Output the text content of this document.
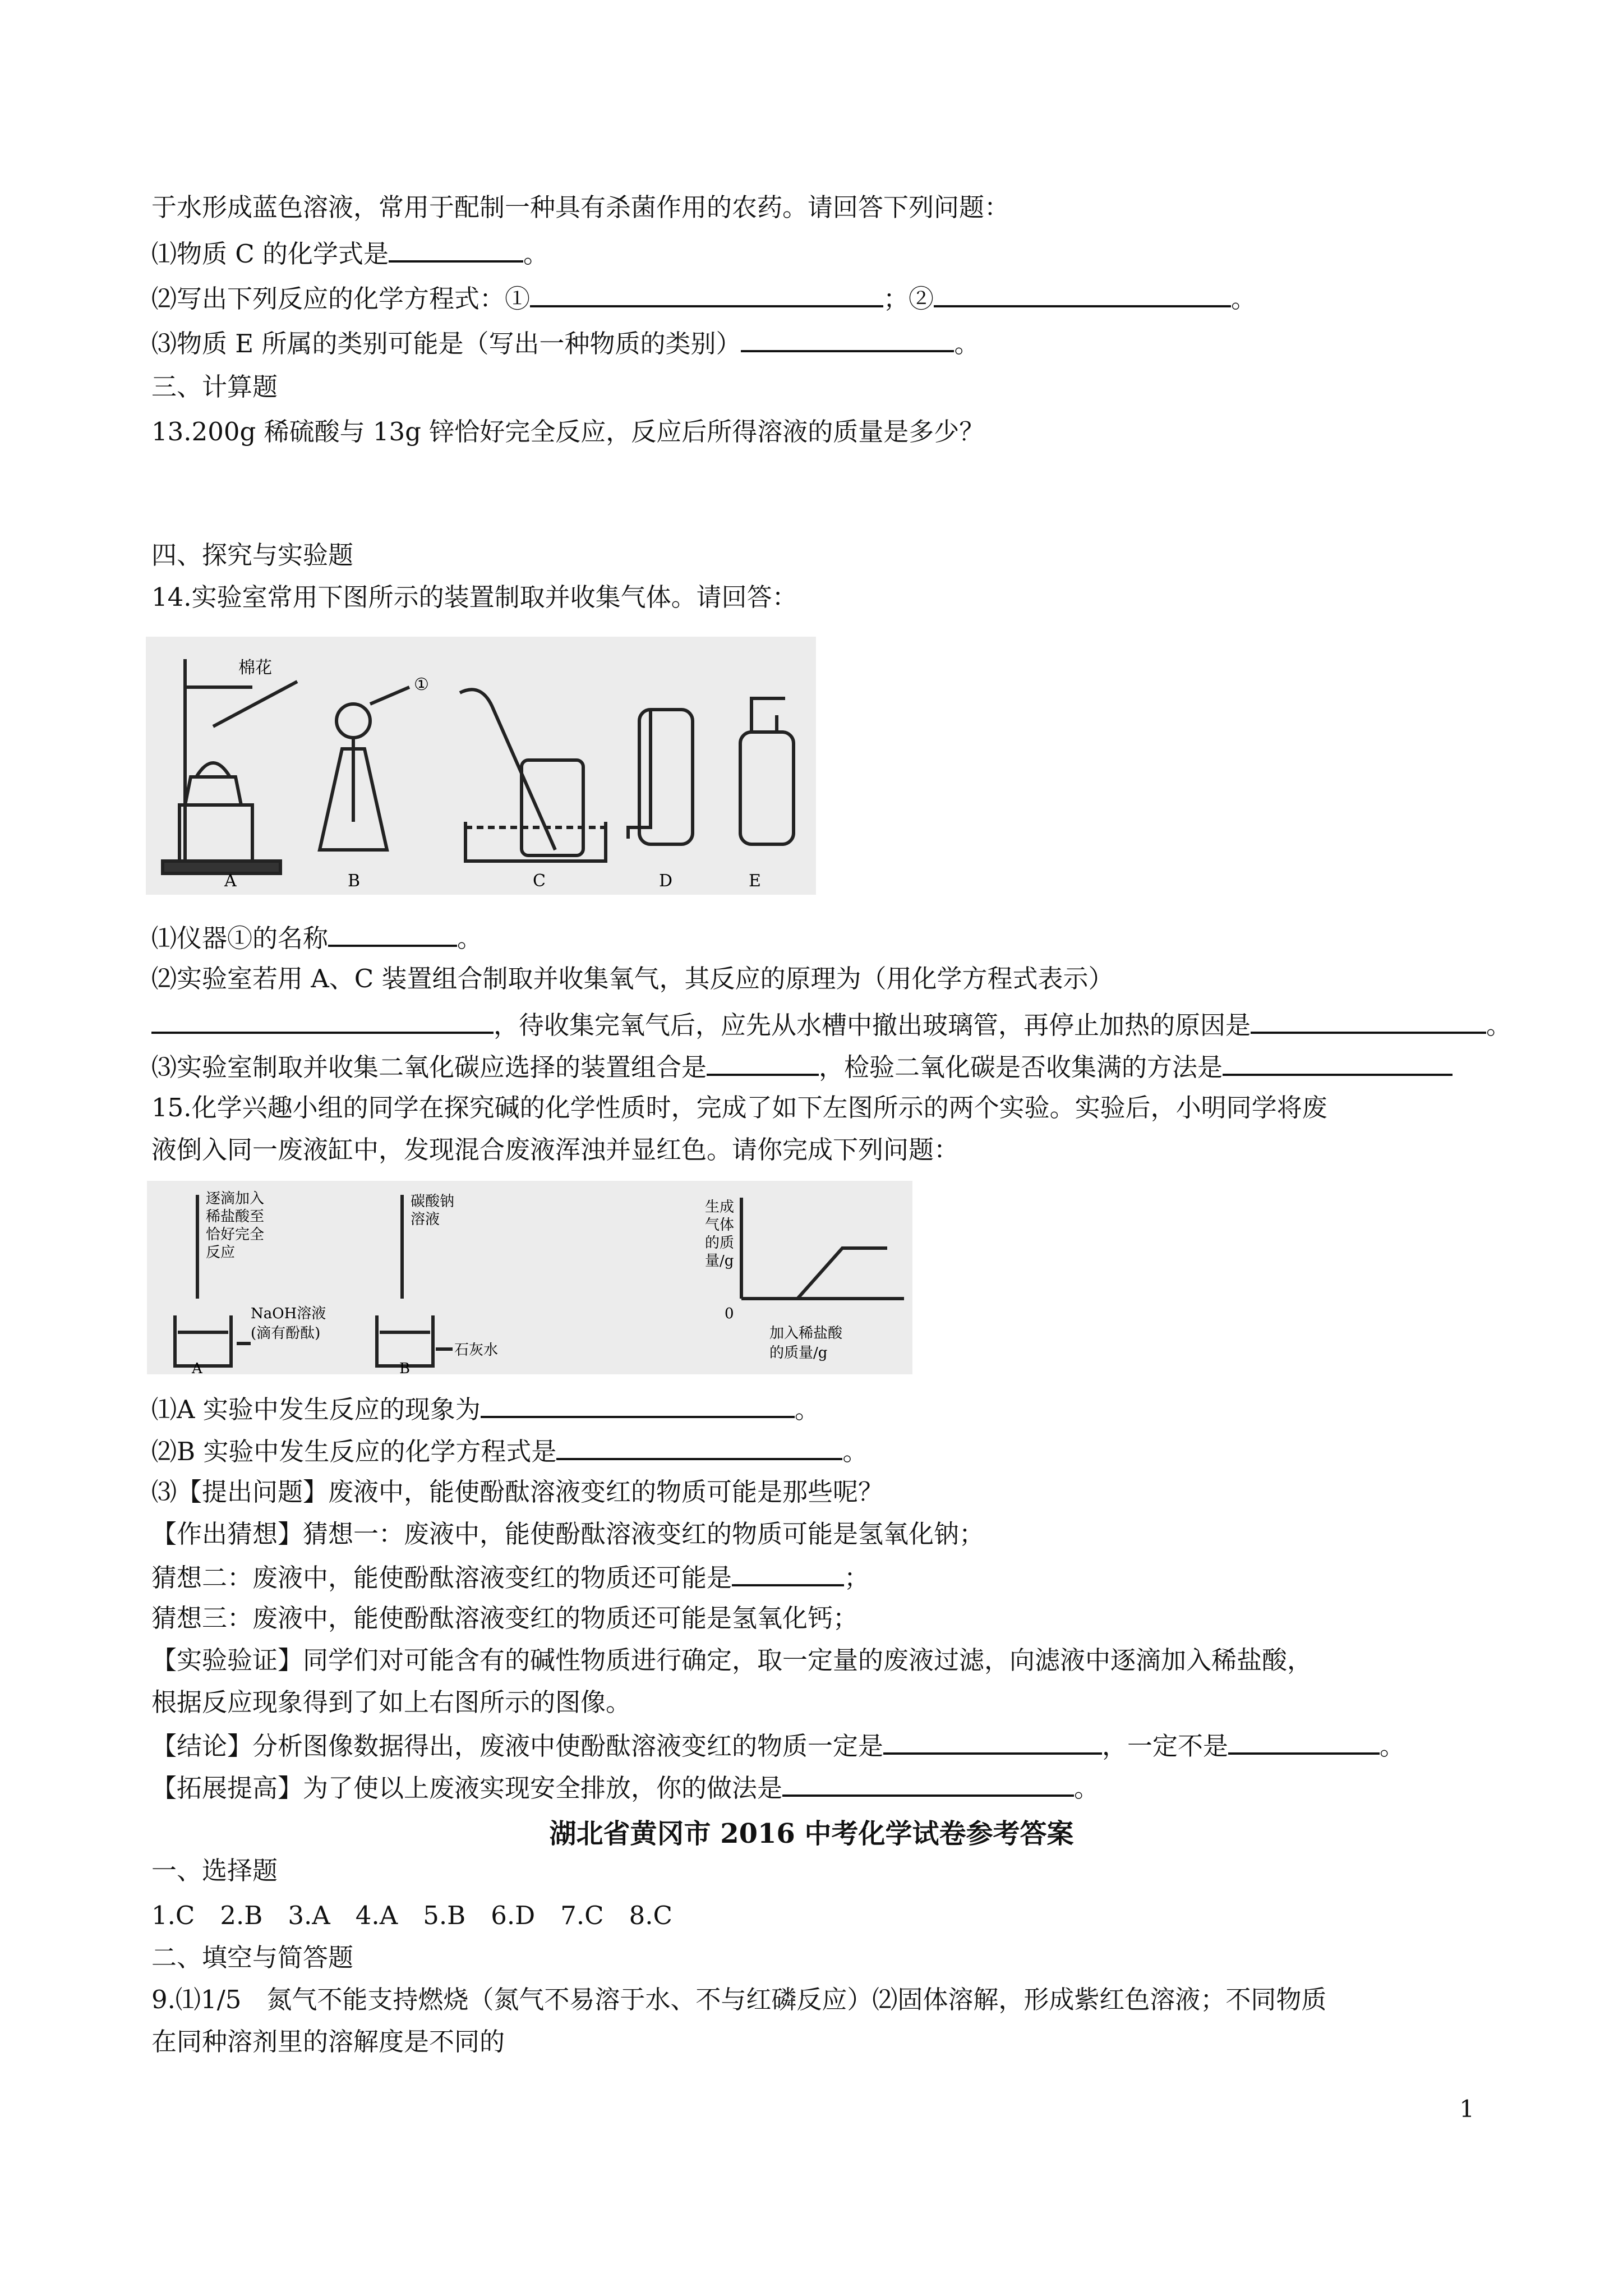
于水形成蓝色溶液，常用于配制一种具有杀菌作用的农药。请回答下列问题：
⑴物质 C 的化学式是	。
⑵写出下列反应的化学方程式：①	；②	。
⑶物质 E 所属的类别可能是（写出一种物质的类别）	。
三、计算题
13.200g 稀硫酸与 13g 锌恰好完全反应，反应后所得溶液的质量是多少？
四、探究与实验题
14.实验室常用下图所示的装置制取并收集气体。请回答：
棉花
①
A	B	C	D	E
⑴仪器①的名称	。
⑵实验室若用 A、C 装置组合制取并收集氧气，其反应的原理为（用化学方程式表示）
，待收集完氧气后，应先从水槽中撤出玻璃管，再停止加热的原因是	。
⑶实验室制取并收集二氧化碳应选择的装置组合是	，检验二氧化碳是否收集满的方法是
15.化学兴趣小组的同学在探究碱的化学性质时，完成了如下左图所示的两个实验。实验后，小明同学将废
液倒入同一废液缸中，发现混合废液浑浊并显红色。请你完成下列问题：
逐滴加入
稀盐酸至
恰好完全
反应
NaOH溶液
(滴有酚酞)
碳酸钠
溶液
石灰水
A	B
生成
气体
的质
量/g
0
加入稀盐酸
的质量/g
⑴A 实验中发生反应的现象为	。
⑵B 实验中发生反应的化学方程式是	。
⑶【提出问题】废液中，能使酚酞溶液变红的物质可能是那些呢？
【作出猜想】猜想一：废液中，能使酚酞溶液变红的物质可能是氢氧化钠；
猜想二：废液中，能使酚酞溶液变红的物质还可能是	；
猜想三：废液中，能使酚酞溶液变红的物质还可能是氢氧化钙；
【实验验证】同学们对可能含有的碱性物质进行确定，取一定量的废液过滤，向滤液中逐滴加入稀盐酸，
根据反应现象得到了如上右图所示的图像。
【结论】分析图像数据得出，废液中使酚酞溶液变红的物质一定是	，一定不是	。
【拓展提高】为了使以上废液实现安全排放，你的做法是	。
湖北省黄冈市 2016 中考化学试卷参考答案
一、选择题
1.C　2.B　3.A　4.A　5.B　6.D　7.C　8.C
二、填空与简答题
9.⑴1/5　氮气不能支持燃烧（氮气不易溶于水、不与红磷反应）⑵固体溶解，形成紫红色溶液；不同物质
在同种溶剂里的溶解度是不同的
1
